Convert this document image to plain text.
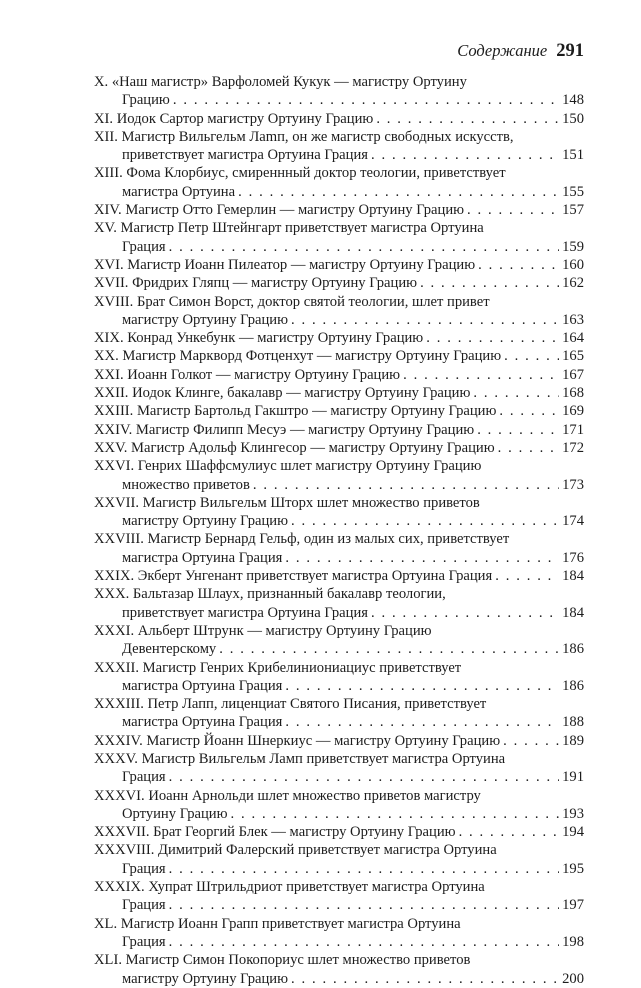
Содержание 291
X. «Наш магистр» Варфоломей Кукук — магистру Ортуину
Грацию . . .	148
XI. Иодок Сартор магистру Ортуину Грацию . . .	150
XII. Магистр Вильгельм Лamп, он же магистр свободных искусств,
приветствует магистра Ортуина Грация . . .	151
XIII. Фома Клорбиус, смиреннный доктор теологии, приветствует
магистра Ортуина . . .	155
XIV. Магистр Отто Гемерлин — магистру Ортуину Грацию . . .	157
XV. Магистр Петр Штейнгарт приветствует магистра Ортуина
Грация . . .	159
XVI. Магистр Иоанн Пилеатор — магистру Ортуину Грацию . . .	160
XVII. Фридрих Гляпц — магистру Ортуину Грацию . . .	162
XVIII. Брат Симон Ворст, доктор святой теологии, шлет привет
магистру Ортуину Грацию . . .	163
XIX. Конрад Ункебунк — магистру Ортуину Грацию . . .	164
XX. Магистр Маркворд Фотценхут — магистру Ортуину Грацию . . .	165
XXI. Иоанн Голкот — магистру Ортуину Грацию . . .	167
XXII. Иодок Клинге, бакалавр — магистру Ортуину Грацию . . .	168
XXIII. Магистр Бартольд Гакштро — магистру Ортуину Грацию . . .	169
XXIV. Магистр Филипп Месуэ — магистру Ортуину Грацию . . .	171
XXV. Магистр Адольф Клингесор — магистру Ортуину Грацию . . .	172
XXVI. Генрих Шаффсмулиус шлет магистру Ортуину Грацию
множество приветов . . .	173
XXVII. Магистр Вильгельм Шторх шлет множество приветов
магистру Ортуину Грацию . . .	174
XXVIII. Магистр Бернард Гельф, один из малых сих, приветствует
магистра Ортуина Грация . . .	176
XXIX. Экберт Унгенант приветствует магистра Ортуина Грация . . .	184
XXX. Бальтазар Шлаух, признанный бакалавр теологии,
приветствует магистра Ортуина Грация . . .	184
XXXI. Альберт Штрунк — магистру Ортуину Грацию
Девентерскому . . .	186
XXXII. Магистр Генрих Крибелиниониациус приветствует
магистра Ортуина Грация . . .	186
XXXIII. Петр Лапп, лиценциат Святого Писания, приветствует
магистра Ортуина Грация . . .	188
XXXIV. Магистр Йоанн Шнеркиус — магистру Ортуину Грацию . . .	189
XXXV. Магистр Вильгельм Ламп приветствует магистра Ортуина
Грация . . .	191
XXXVI. Иоанн Арнольди шлет множество приветов магистру
Ортуину Грацию . . .	193
XXXVII. Брат Георгий Блек — магистру Ортуину Грацию . . .	194
XXXVIII. Димитрий Фалерский приветствует магистра Ортуина
Грация . . .	195
XXXIX. Хупрат Штрильдриот приветствует магистра Ортуина
Грация . . .	197
XL. Магистр Иоанн Грапп приветствует магистра Ортуина
Грация . . .	198
XLI. Магистр Симон Покопориус шлет множество приветов
магистру Ортуину Грацию . . .	200
